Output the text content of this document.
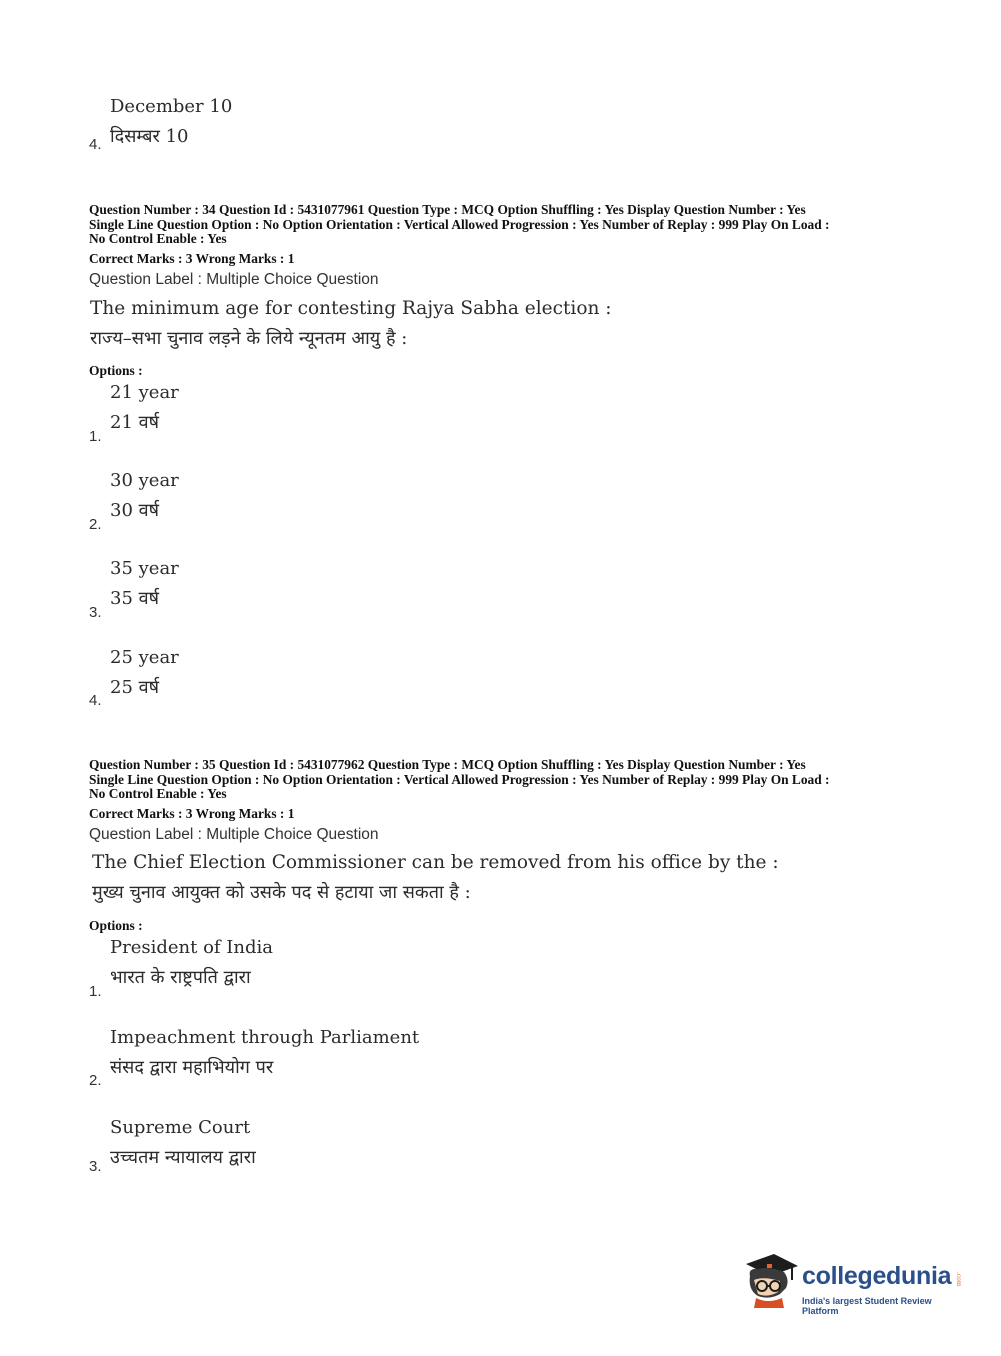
December 10
दिसम्बर 10
4.
Question Number : 34 Question Id : 5431077961 Question Type : MCQ Option Shuffling : Yes Display Question Number : Yes
Single Line Question Option : No Option Orientation : Vertical Allowed Progression : Yes Number of Replay : 999 Play On Load :
No Control Enable : Yes
Correct Marks : 3 Wrong Marks : 1
Question Label : Multiple Choice Question
The minimum age for contesting Rajya Sabha election :
राज्य–सभा चुनाव लड़ने के लिये न्यूनतम आयु है :
Options :
21 year
21 वर्ष
1.
30 year
30 वर्ष
2.
35 year
35 वर्ष
3.
25 year
25 वर्ष
4.
Question Number : 35 Question Id : 5431077962 Question Type : MCQ Option Shuffling : Yes Display Question Number : Yes
Single Line Question Option : No Option Orientation : Vertical Allowed Progression : Yes Number of Replay : 999 Play On Load :
No Control Enable : Yes
Correct Marks : 3 Wrong Marks : 1
Question Label : Multiple Choice Question
The Chief Election Commissioner can be removed from his office by the :
मुख्य चुनाव आयुक्त को उसके पद से हटाया जा सकता है :
Options :
President of India
भारत के राष्ट्रपति द्वारा
1.
Impeachment through Parliament
संसद द्वारा महाभियोग पर
2.
Supreme Court
उच्चतम न्यायालय द्वारा
3.
collegedunia .com
India's largest Student Review Platform
